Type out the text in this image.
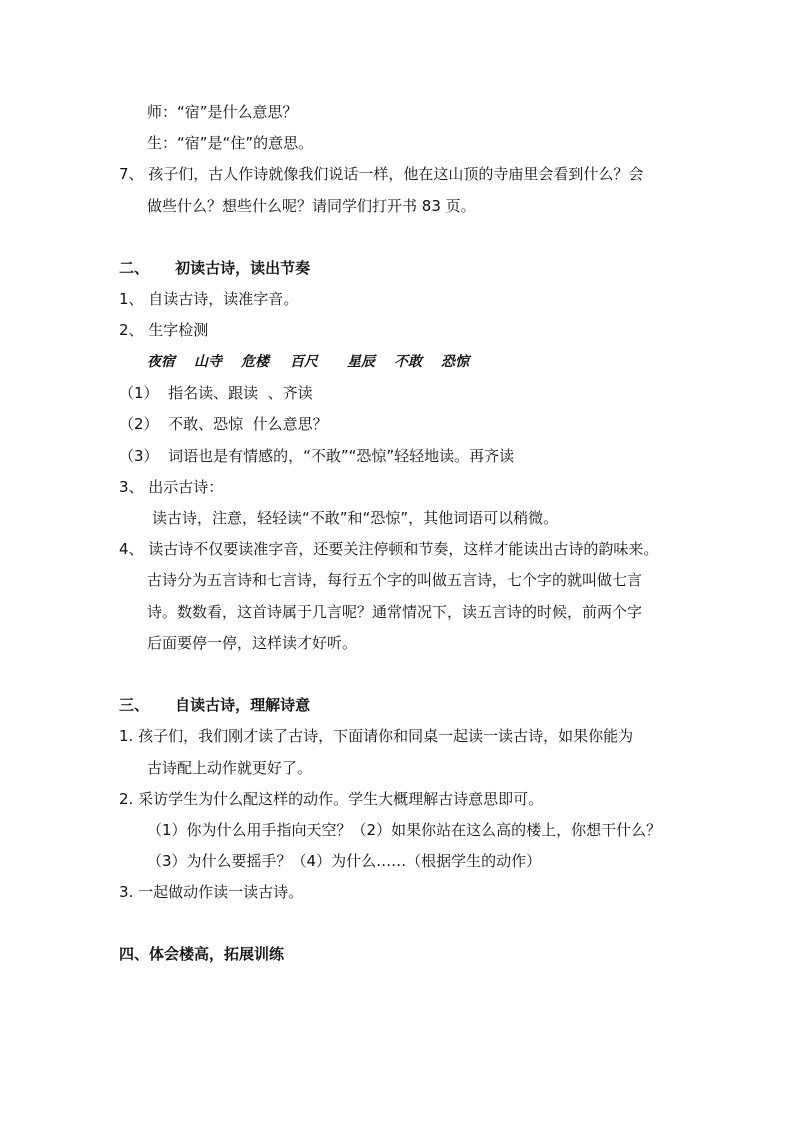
师：“宿”是什么意思？
生：“宿”是“住”的意思。
7、 孩子们，古人作诗就像我们说话一样，他在这山顶的寺庙里会看到什么？会
做些什么？想些什么呢？请同学们打开书 83 页。
二、     初读古诗，读出节奏
1、 自读古诗，读准字音。
2、 生字检测
夜宿 山寺 危楼 百尺 星辰 不敢 恐惊
（1）  指名读、跟读  、齐读
（2）  不敢、恐惊  什么意思？
（3）  词语也是有情感的，“不敢”“恐惊”轻轻地读。再齐读
3、 出示古诗：
读古诗，注意，轻轻读“不敢”和“恐惊”，其他词语可以稍微。
4、 读古诗不仅要读准字音，还要关注停顿和节奏，这样才能读出古诗的韵味来。
古诗分为五言诗和七言诗，每行五个字的叫做五言诗，七个字的就叫做七言
诗。数数看，这首诗属于几言呢？通常情况下，读五言诗的时候，前两个字
后面要停一停，这样读才好听。
三、     自读古诗，理解诗意
1. 孩子们，我们刚才读了古诗，下面请你和同桌一起读一读古诗，如果你能为
古诗配上动作就更好了。
2. 采访学生为什么配这样的动作。学生大概理解古诗意思即可。
（1）你为什么用手指向天空？（2）如果你站在这么高的楼上，你想干什么？
（3）为什么要摇手？（4）为什么……（根据学生的动作）
3. 一起做动作读一读古诗。
四、体会楼高，拓展训练
